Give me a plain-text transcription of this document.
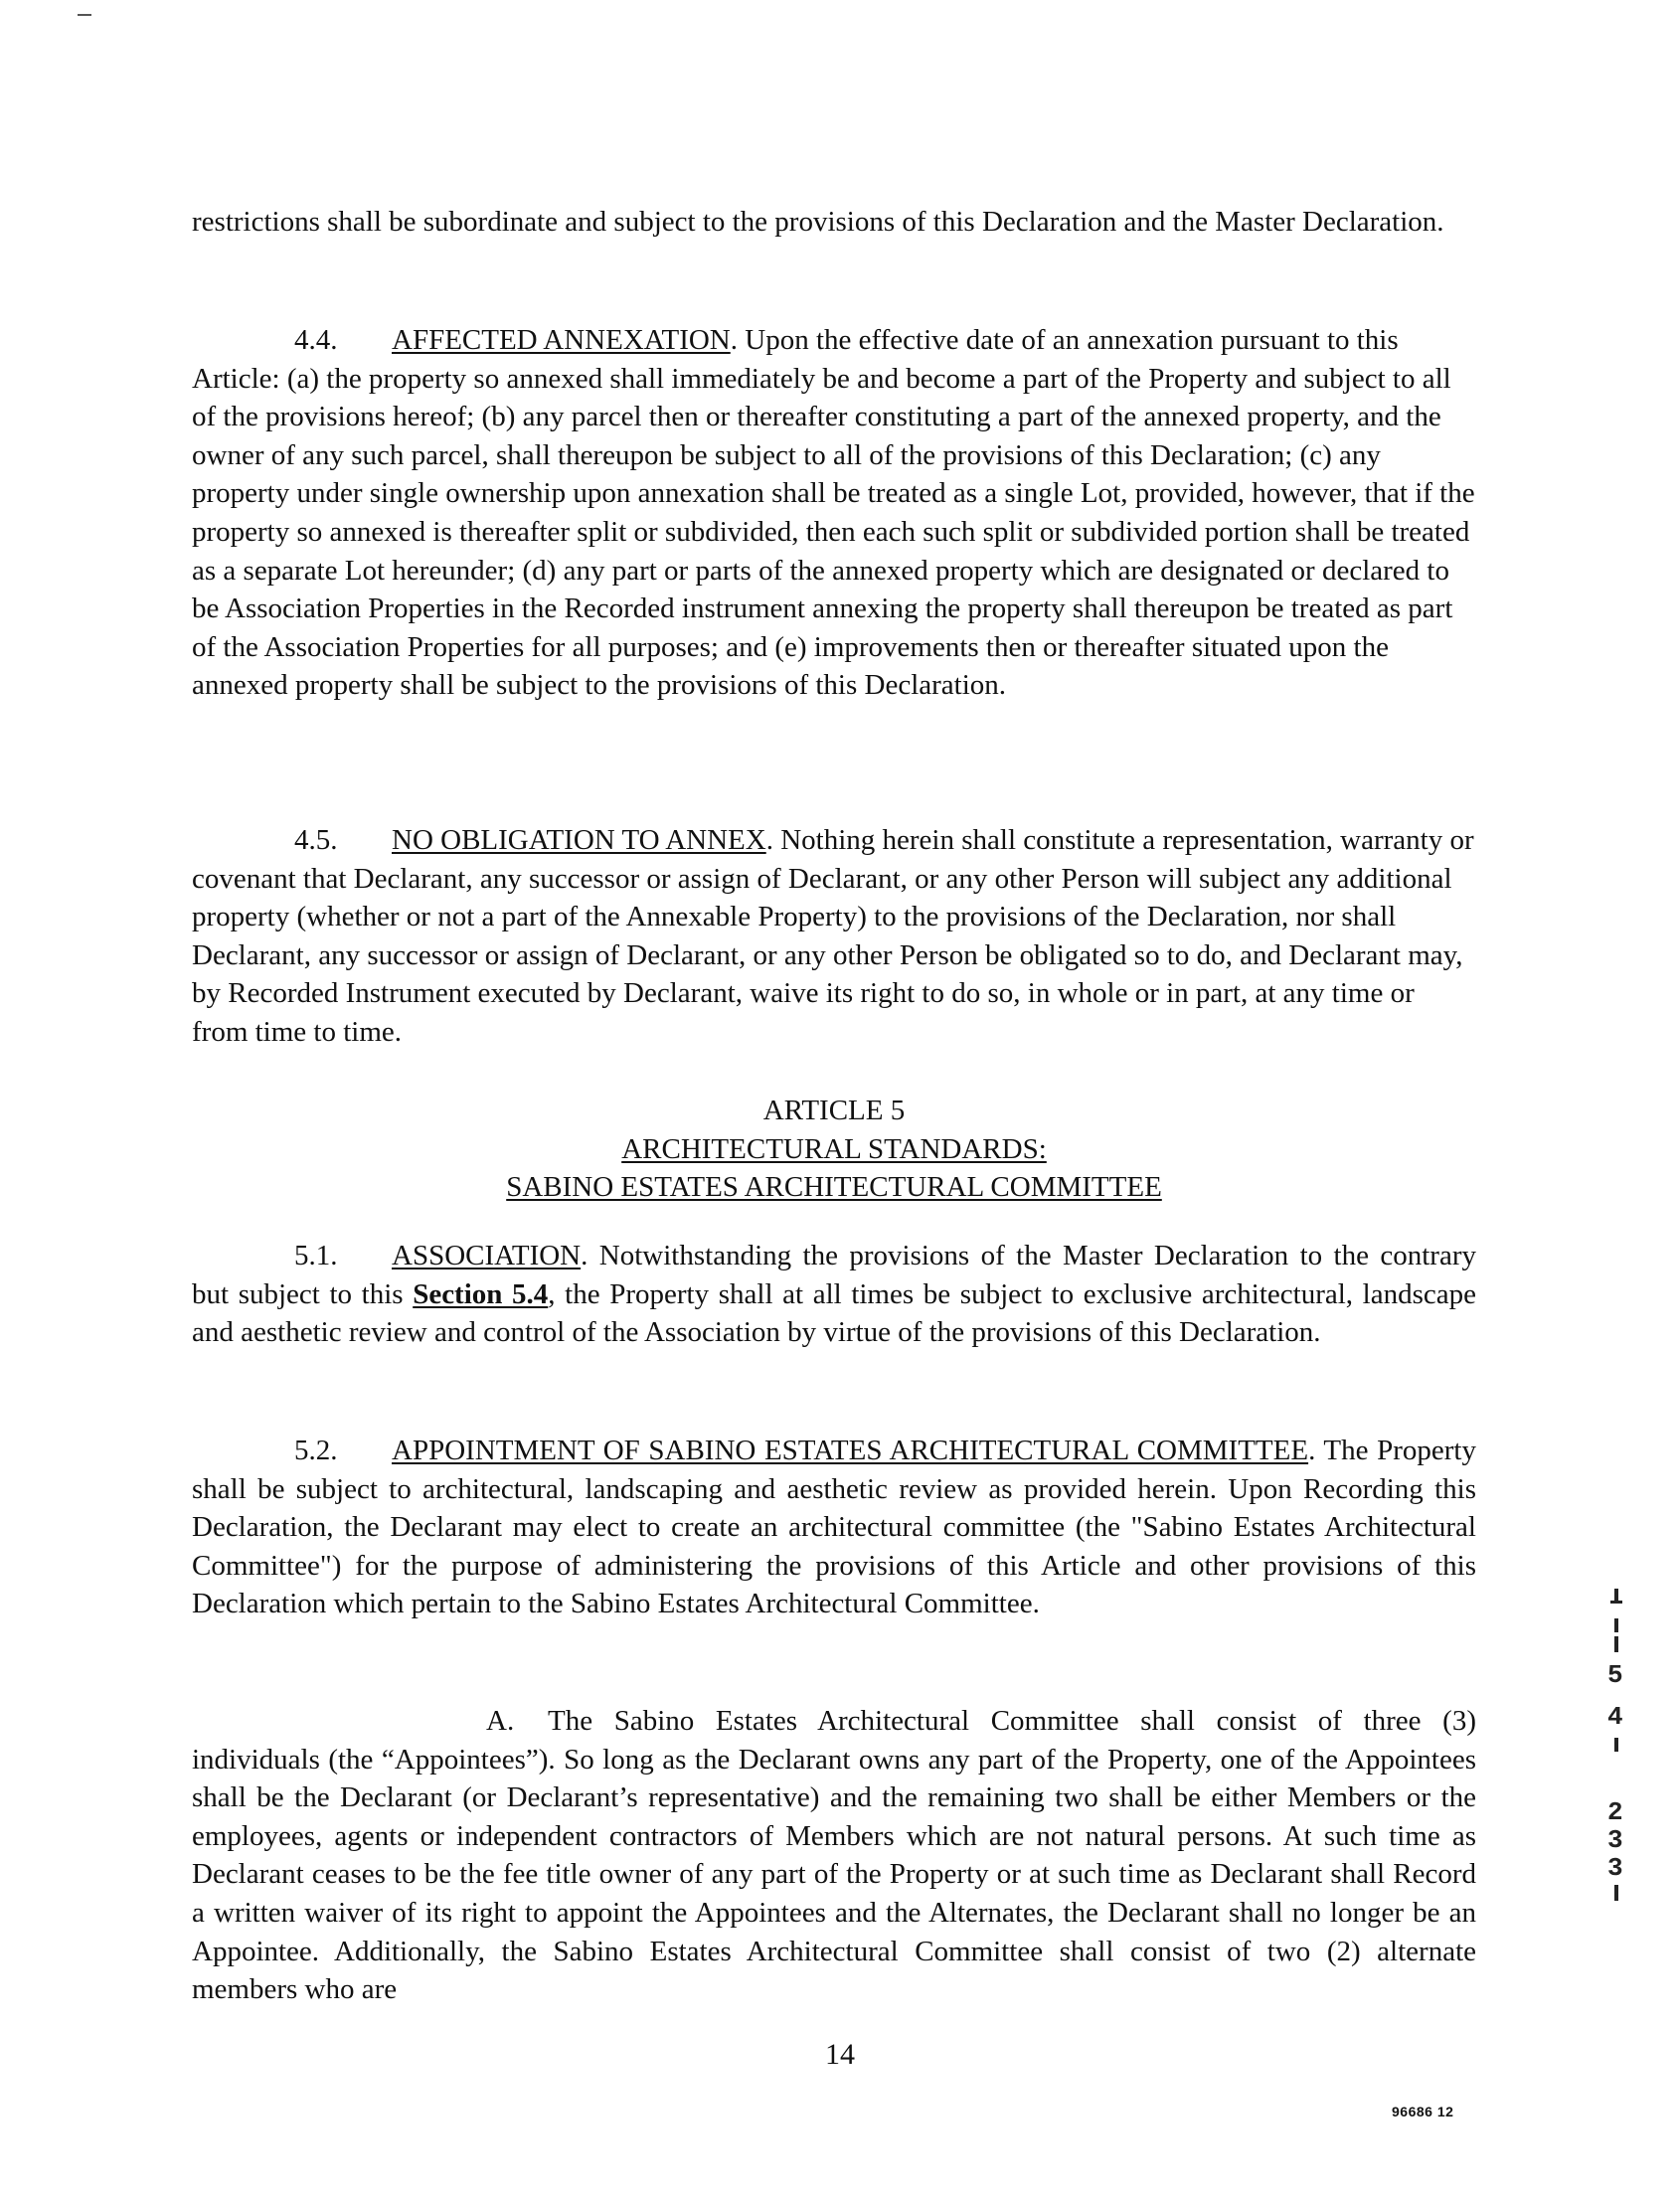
restrictions shall be subordinate and subject to the provisions of this Declaration and the Master Declaration.

4.4. AFFECTED ANNEXATION. Upon the effective date of an annexation pursuant to this Article: (a) the property so annexed shall immediately be and become a part of the Property and subject to all of the provisions hereof; (b) any parcel then or thereafter constituting a part of the annexed property, and the owner of any such parcel, shall thereupon be subject to all of the provisions of this Declaration; (c) any property under single ownership upon annexation shall be treated as a single Lot, provided, however, that if the property so annexed is thereafter split or subdivided, then each such split or subdivided portion shall be treated as a separate Lot hereunder; (d) any part or parts of the annexed property which are designated or declared to be Association Properties in the Recorded instrument annexing the property shall thereupon be treated as part of the Association Properties for all purposes; and (e) improvements then or thereafter situated upon the annexed property shall be subject to the provisions of this Declaration.

4.5. NO OBLIGATION TO ANNEX. Nothing herein shall constitute a representation, warranty or covenant that Declarant, any successor or assign of Declarant, or any other Person will subject any additional property (whether or not a part of the Annexable Property) to the provisions of the Declaration, nor shall Declarant, any successor or assign of Declarant, or any other Person be obligated so to do, and Declarant may, by Recorded Instrument executed by Declarant, waive its right to do so, in whole or in part, at any time or from time to time.

ARTICLE 5
ARCHITECTURAL STANDARDS:
SABINO ESTATES ARCHITECTURAL COMMITTEE

5.1. ASSOCIATION. Notwithstanding the provisions of the Master Declaration to the contrary but subject to this Section 5.4, the Property shall at all times be subject to exclusive architectural, landscape and aesthetic review and control of the Association by virtue of the provisions of this Declaration.

5.2. APPOINTMENT OF SABINO ESTATES ARCHITECTURAL COMMITTEE. The Property shall be subject to architectural, landscaping and aesthetic review as provided herein. Upon Recording this Declaration, the Declarant may elect to create an architectural committee (the "Sabino Estates Architectural Committee") for the purpose of administering the provisions of this Article and other provisions of this Declaration which pertain to the Sabino Estates Architectural Committee.

A. The Sabino Estates Architectural Committee shall consist of three (3) individuals (the “Appointees”). So long as the Declarant owns any part of the Property, one of the Appointees shall be the Declarant (or Declarant’s representative) and the remaining two shall be either Members or the employees, agents or independent contractors of Members which are not natural persons. At such time as Declarant ceases to be the fee title owner of any part of the Property or at such time as Declarant shall Record a written waiver of its right to appoint the Appointees and the Alternates, the Declarant shall no longer be an Appointee. Additionally, the Sabino Estates Architectural Committee shall consist of two (2) alternate members who are

5
4
2
3
3
14
96686 12
